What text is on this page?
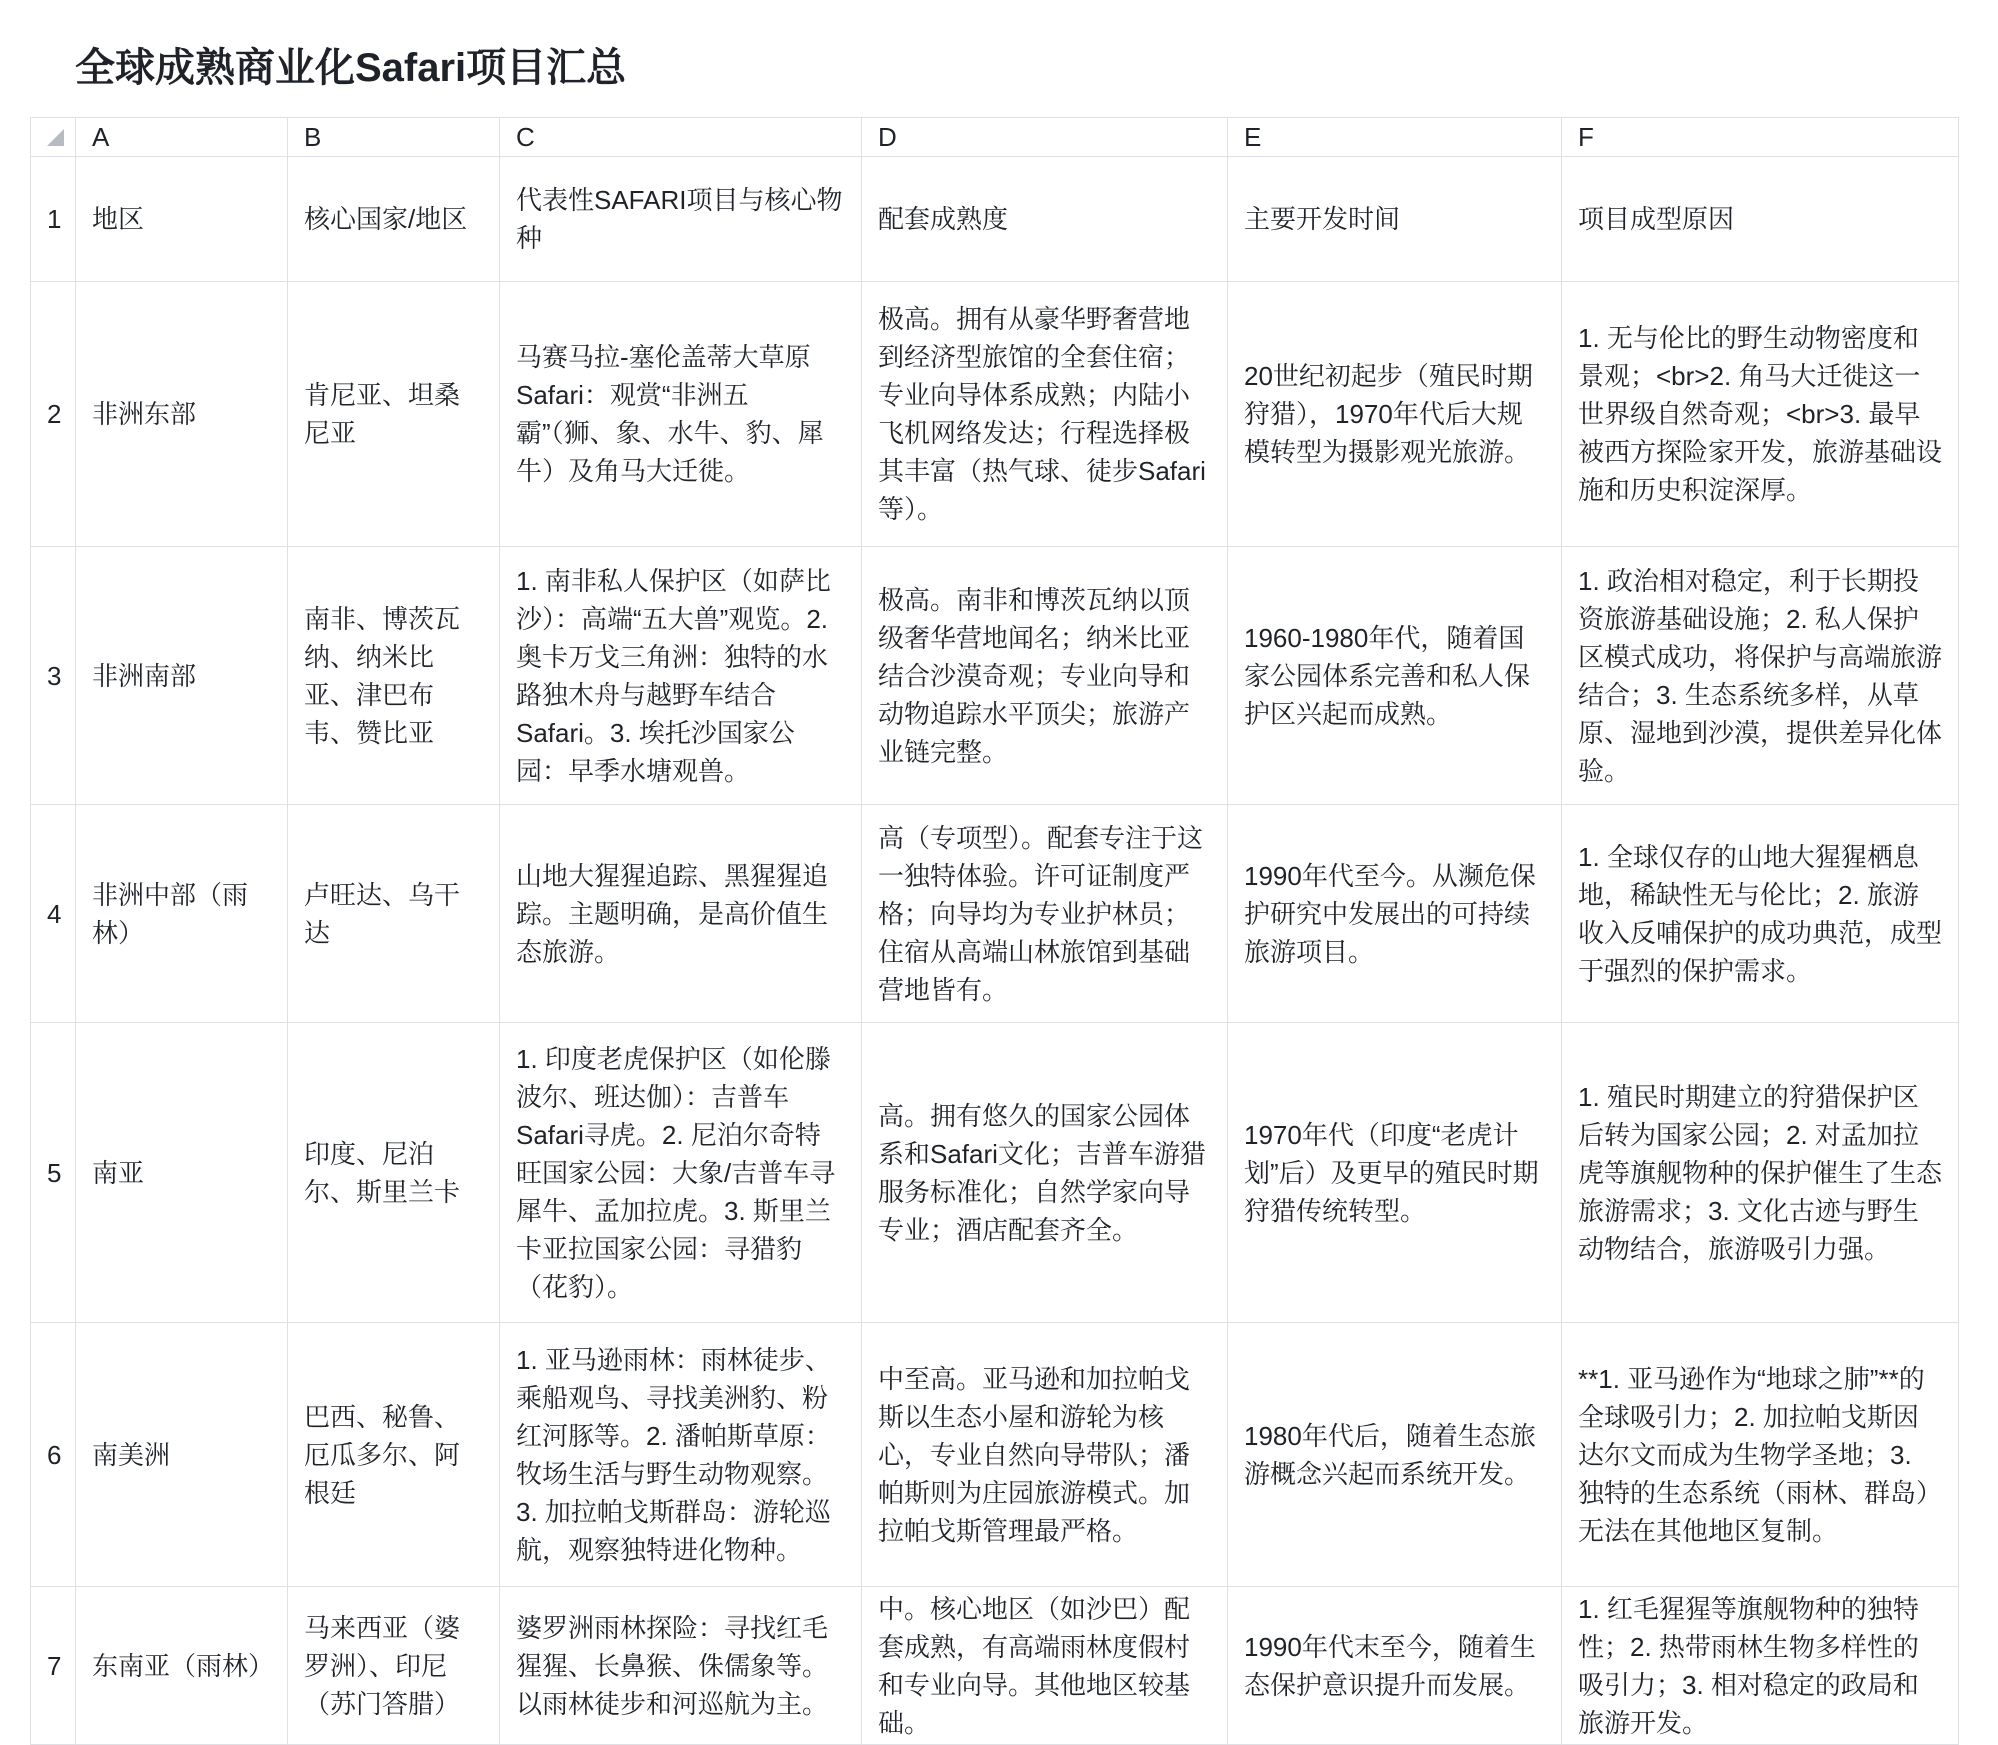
全球成熟商业化Safari项目汇总
	A	B	C	D	E	F
1	地区	核心国家/地区	代表性SAFARI项目与核心物种	配套成熟度	主要开发时间	项目成型原因
2	非洲东部	肯尼亚、坦桑尼亚	马赛马拉-塞伦盖蒂大草原Safari：观赏“非洲五霸”（狮、象、水牛、豹、犀牛）及角马大迁徙。	极高。拥有从豪华野奢营地到经济型旅馆的全套住宿；专业向导体系成熟；内陆小飞机网络发达；行程选择极其丰富（热气球、徒步Safari等）。	20世纪初起步（殖民时期狩猎），1970年代后大规模转型为摄影观光旅游。	1. 无与伦比的野生动物密度和景观；<br>2. 角马大迁徙这一世界级自然奇观；<br>3. 最早被西方探险家开发，旅游基础设施和历史积淀深厚。
3	非洲南部	南非、博茨瓦纳、纳米比亚、津巴布韦、赞比亚	1. 南非私人保护区（如萨比沙）：高端“五大兽”观览。2. 奥卡万戈三角洲：独特的水路独木舟与越野车结合Safari。3. 埃托沙国家公园：早季水塘观兽。	极高。南非和博茨瓦纳以顶级奢华营地闻名；纳米比亚结合沙漠奇观；专业向导和动物追踪水平顶尖；旅游产业链完整。	1960-1980年代，随着国家公园体系完善和私人保护区兴起而成熟。	1. 政治相对稳定，利于长期投资旅游基础设施；2. 私人保护区模式成功，将保护与高端旅游结合；3. 生态系统多样，从草原、湿地到沙漠，提供差异化体验。
4	非洲中部（雨林）	卢旺达、乌干达	山地大猩猩追踪、黑猩猩追踪。主题明确，是高价值生态旅游。	高（专项型）。配套专注于这一独特体验。许可证制度严格；向导均为专业护林员；住宿从高端山林旅馆到基础营地皆有。	1990年代至今。从濒危保护研究中发展出的可持续旅游项目。	1. 全球仅存的山地大猩猩栖息地，稀缺性无与伦比；2. 旅游收入反哺保护的成功典范，成型于强烈的保护需求。
5	南亚	印度、尼泊尔、斯里兰卡	1. 印度老虎保护区（如伦滕波尔、班达伽）：吉普车Safari寻虎。2. 尼泊尔奇特旺国家公园：大象/吉普车寻犀牛、孟加拉虎。3. 斯里兰卡亚拉国家公园：寻猎豹（花豹）。	高。拥有悠久的国家公园体系和Safari文化；吉普车游猎服务标准化；自然学家向导专业；酒店配套齐全。	1970年代（印度“老虎计划”后）及更早的殖民时期狩猎传统转型。	1. 殖民时期建立的狩猎保护区后转为国家公园；2. 对孟加拉虎等旗舰物种的保护催生了生态旅游需求；3. 文化古迹与野生动物结合，旅游吸引力强。
6	南美洲	巴西、秘鲁、厄瓜多尔、阿根廷	1. 亚马逊雨林：雨林徒步、乘船观鸟、寻找美洲豹、粉红河豚等。2. 潘帕斯草原：牧场生活与野生动物观察。3. 加拉帕戈斯群岛：游轮巡航，观察独特进化物种。	中至高。亚马逊和加拉帕戈斯以生态小屋和游轮为核心，专业自然向导带队；潘帕斯则为庄园旅游模式。加拉帕戈斯管理最严格。	1980年代后，随着生态旅游概念兴起而系统开发。	**1. 亚马逊作为“地球之肺”**的全球吸引力；2. 加拉帕戈斯因达尔文而成为生物学圣地；3. 独特的生态系统（雨林、群岛）无法在其他地区复制。
7	东南亚（雨林）	马来西亚（婆罗洲）、印尼（苏门答腊）	婆罗洲雨林探险：寻找红毛猩猩、长鼻猴、侏儒象等。以雨林徒步和河巡航为主。	中。核心地区（如沙巴）配套成熟，有高端雨林度假村和专业向导。其他地区较基础。	1990年代末至今，随着生态保护意识提升而发展。	1. 红毛猩猩等旗舰物种的独特性；2. 热带雨林生物多样性的吸引力；3. 相对稳定的政局和旅游开发。
